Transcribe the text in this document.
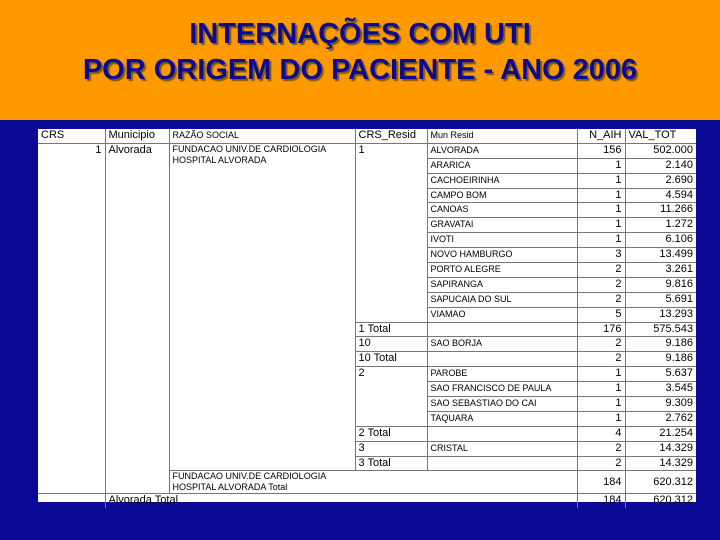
INTERNAÇÕES COM UTI
POR ORIGEM DO PACIENTE - ANO 2006
CRS	Municipio	RAZÃO SOCIAL	CRS_Resid	Mun Resid	N_AIH	VAL_TOT
1	Alvorada	FUNDACAO UNIV.DE CARDIOLOGIA
HOSPITAL ALVORADA	1	ALVORADA	156	502.000
				ARARICA	1	2.140
				CACHOEIRINHA	1	2.690
				CAMPO BOM	1	4.594
				CANOAS	1	11.266
				GRAVATAI	1	1.272
				IVOTI	1	6.106
				NOVO HAMBURGO	3	13.499
				PORTO ALEGRE	2	3.261
				SAPIRANGA	2	9.816
				SAPUCAIA DO SUL	2	5.691
				VIAMAO	5	13.293
			1 Total		176	575.543
			10	SAO BORJA	2	9.186
			10 Total		2	9.186
			2	PAROBE	1	5.637
				SAO FRANCISCO DE PAULA	1	3.545
				SAO SEBASTIAO DO CAI	1	9.309
				TAQUARA	1	2.762
			2 Total		4	21.254
			3	CRISTAL	2	14.329
			3 Total		2	14.329

		FUNDACAO UNIV.DE CARDIOLOGIA
HOSPITAL ALVORADA Total			184	620.312
	Alvorada Total				184	620.312
